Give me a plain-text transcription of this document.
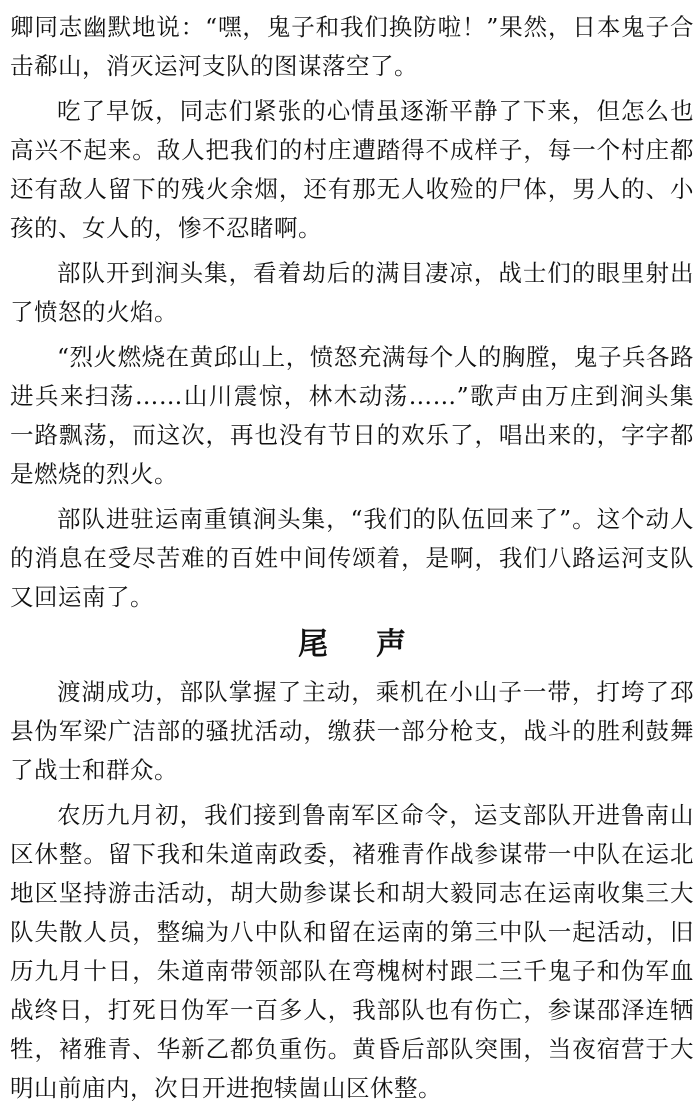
卿同志幽默地说：“嘿，鬼子和我们换防啦！”果然，日本鬼子合击郗山，消灭运河支队的图谋落空了。

吃了早饭，同志们紧张的心情虽逐渐平静了下来，但怎么也高兴不起来。敌人把我们的村庄遭踏得不成样子，每一个村庄都还有敌人留下的残火余烟，还有那无人收殓的尸体，男人的、小孩的、女人的，惨不忍睹啊。

部队开到涧头集，看着劫后的满目凄凉，战士们的眼里射出了愤怒的火焰。

“烈火燃烧在黄邱山上，愤怒充满每个人的胸膛，鬼子兵各路进兵来扫荡……山川震惊，林木动荡……”歌声由万庄到涧头集一路飘荡，而这次，再也没有节日的欢乐了，唱出来的，字字都是燃烧的烈火。

部队进驻运南重镇涧头集，“我们的队伍回来了”。这个动人的消息在受尽苦难的百姓中间传颂着，是啊，我们八路运河支队又回运南了。

尾声

渡湖成功，部队掌握了主动，乘机在小山子一带，打垮了邳县伪军梁广洁部的骚扰活动，缴获一部分枪支，战斗的胜利鼓舞了战士和群众。

农历九月初，我们接到鲁南军区命令，运支部队开进鲁南山区休整。留下我和朱道南政委，褚雅青作战参谋带一中队在运北地区坚持游击活动，胡大勋参谋长和胡大毅同志在运南收集三大队失散人员，整编为八中队和留在运南的第三中队一起活动，旧历九月十日，朱道南带领部队在弯槐树村跟二三千鬼子和伪军血战终日，打死日伪军一百多人，我部队也有伤亡，参谋邵泽连牺牲，褚雅青、华新乙都负重伤。黄昏后部队突围，当夜宿营于大明山前庙内，次日开进抱犊崮山区休整。
